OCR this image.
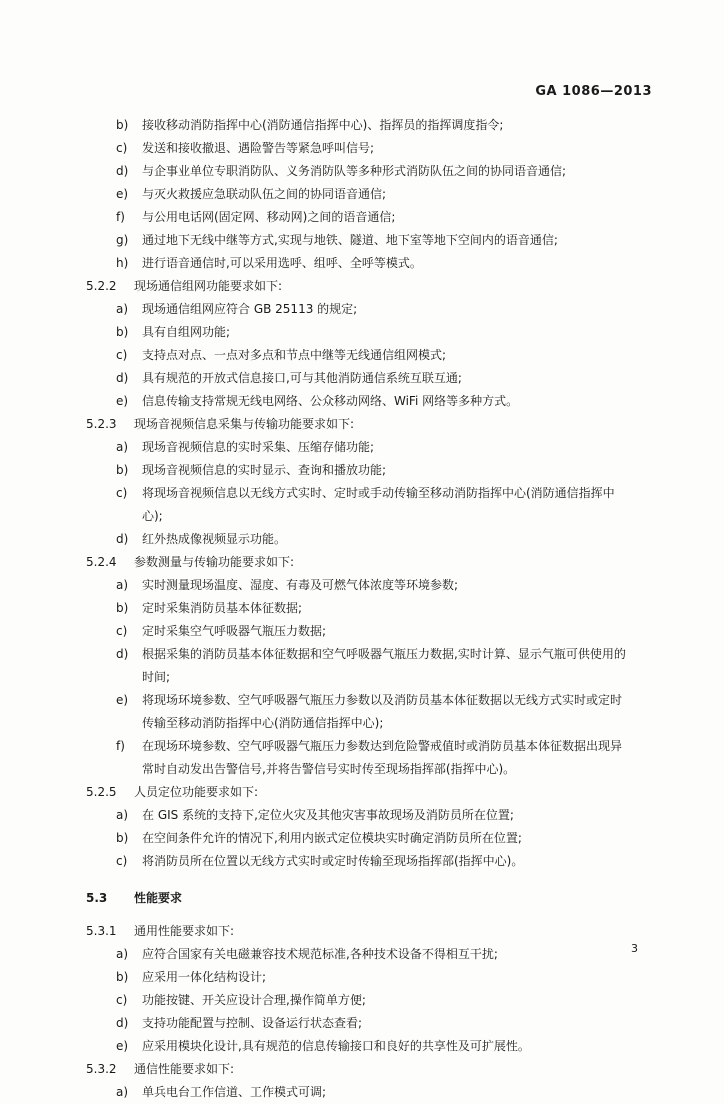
GA 1086—2013
b)	接收移动消防指挥中心(消防通信指挥中心)、指挥员的指挥调度指令;
c)	发送和接收撤退、遇险警告等紧急呼叫信号;
d)	与企事业单位专职消防队、义务消防队等多种形式消防队伍之间的协同语音通信;
e)	与灭火救援应急联动队伍之间的协同语音通信;
f)	与公用电话网(固定网、移动网)之间的语音通信;
g)	通过地下无线中继等方式,实现与地铁、隧道、地下室等地下空间内的语音通信;
h)	进行语音通信时,可以采用选呼、组呼、全呼等模式。
5.2.2 现场通信组网功能要求如下:
a)	现场通信组网应符合 GB 25113 的规定;
b)	具有自组网功能;
c)	支持点对点、一点对多点和节点中继等无线通信组网模式;
d)	具有规范的开放式信息接口,可与其他消防通信系统互联互通;
e)	信息传输支持常规无线电网络、公众移动网络、WiFi 网络等多种方式。
5.2.3 现场音视频信息采集与传输功能要求如下:
a)	现场音视频信息的实时采集、压缩存储功能;
b)	现场音视频信息的实时显示、查询和播放功能;
c)	将现场音视频信息以无线方式实时、定时或手动传输至移动消防指挥中心(消防通信指挥中
心);
d)	红外热成像视频显示功能。
5.2.4 参数测量与传输功能要求如下:
a)	实时测量现场温度、湿度、有毒及可燃气体浓度等环境参数;
b)	定时采集消防员基本体征数据;
c)	定时采集空气呼吸器气瓶压力数据;
d)	根据采集的消防员基本体征数据和空气呼吸器气瓶压力数据,实时计算、显示气瓶可供使用的
时间;
e)	将现场环境参数、空气呼吸器气瓶压力参数以及消防员基本体征数据以无线方式实时或定时
传输至移动消防指挥中心(消防通信指挥中心);
f)	在现场环境参数、空气呼吸器气瓶压力参数达到危险警戒值时或消防员基本体征数据出现异
常时自动发出告警信号,并将告警信号实时传至现场指挥部(指挥中心)。
5.2.5 人员定位功能要求如下:
a)	在 GIS 系统的支持下,定位火灾及其他灾害事故现场及消防员所在位置;
b)	在空间条件允许的情况下,利用内嵌式定位模块实时确定消防员所在位置;
c)	将消防员所在位置以无线方式实时或定时传输至现场指挥部(指挥中心)。
5.3 性能要求
5.3.1 通用性能要求如下:
a)	应符合国家有关电磁兼容技术规范标准,各种技术设备不得相互干扰;
b)	应采用一体化结构设计;
c)	功能按键、开关应设计合理,操作简单方便;
d)	支持功能配置与控制、设备运行状态查看;
e)	应采用模块化设计,具有规范的信息传输接口和良好的共享性及可扩展性。
5.3.2 通信性能要求如下:
a)	单兵电台工作信道、工作模式可调;
3
